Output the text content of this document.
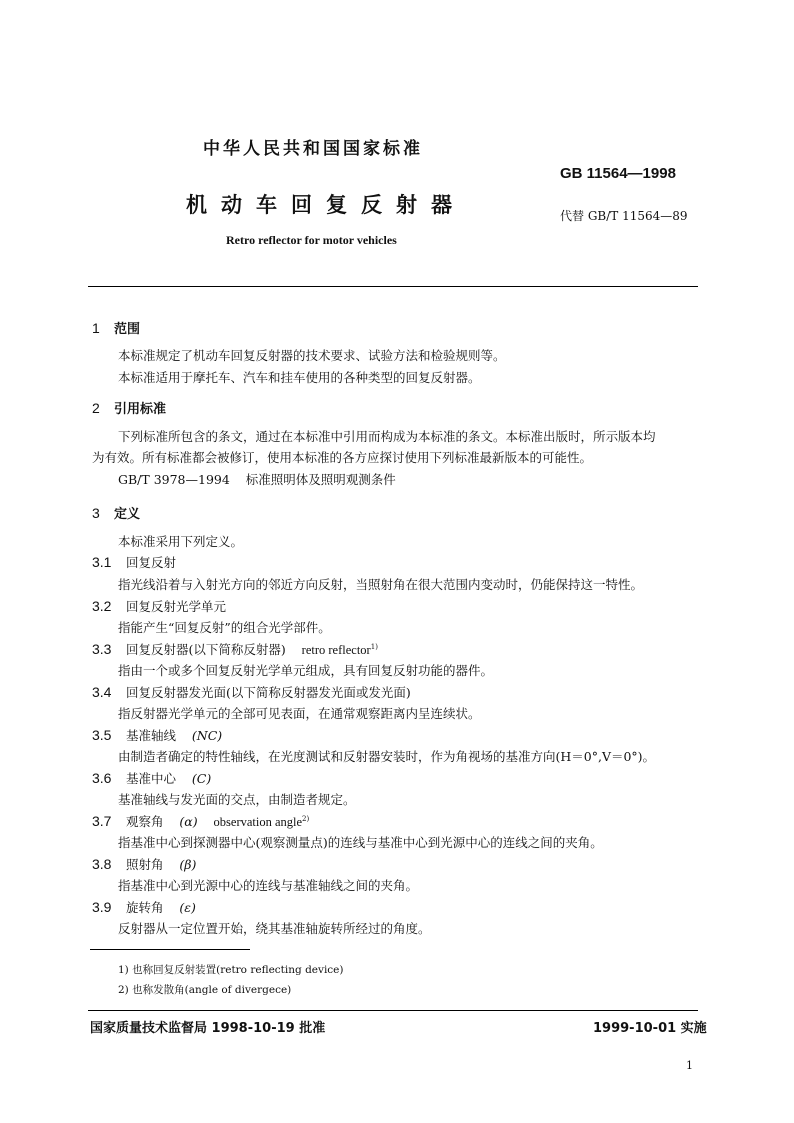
中华人民共和国国家标准
GB 11564—1998
机动车回复反射器	代替 GB/T 11564—89
Retro reflector for motor vehicles
1 范围
本标准规定了机动车回复反射器的技术要求、试验方法和检验规则等。
本标准适用于摩托车、汽车和挂车使用的各种类型的回复反射器。
2 引用标准
下列标准所包含的条文，通过在本标准中引用而构成为本标准的条文。本标准出版时，所示版本均
为有效。所有标准都会被修订，使用本标准的各方应探讨使用下列标准最新版本的可能性。
GB/T 3978—1994 标准照明体及照明观测条件
3 定义
本标准采用下列定义。
3.1 回复反射
指光线沿着与入射光方向的邻近方向反射，当照射角在很大范围内变动时，仍能保持这一特性。
3.2 回复反射光学单元
指能产生“回复反射”的组合光学部件。
3.3 回复反射器(以下简称反射器) retro reflector$^{1)}$
指由一个或多个回复反射光学单元组成，具有回复反射功能的器件。
3.4 回复反射器发光面(以下简称反射器发光面或发光面)
指反射器光学单元的全部可见表面，在通常观察距离内呈连续状。
3.5 基准轴线 (NC)
由制造者确定的特性轴线，在光度测试和反射器安装时，作为角视场的基准方向(H＝0°,V＝0°)。
3.6 基准中心 (C)
基准轴线与发光面的交点，由制造者规定。
3.7 观察角 (α) observation angle$^{2)}$
指基准中心到探测器中心(观察测量点)的连线与基准中心到光源中心的连线之间的夹角。
3.8 照射角 (β)
指基准中心到光源中心的连线与基准轴线之间的夹角。
3.9 旋转角 (ε)
反射器从一定位置开始，绕其基准轴旋转所经过的角度。
1) 也称回复反射装置(retro reflecting device)
2) 也称发散角(angle of divergece)
国家质量技术监督局 1998-10-19 批准	1999-10-01 实施
1
